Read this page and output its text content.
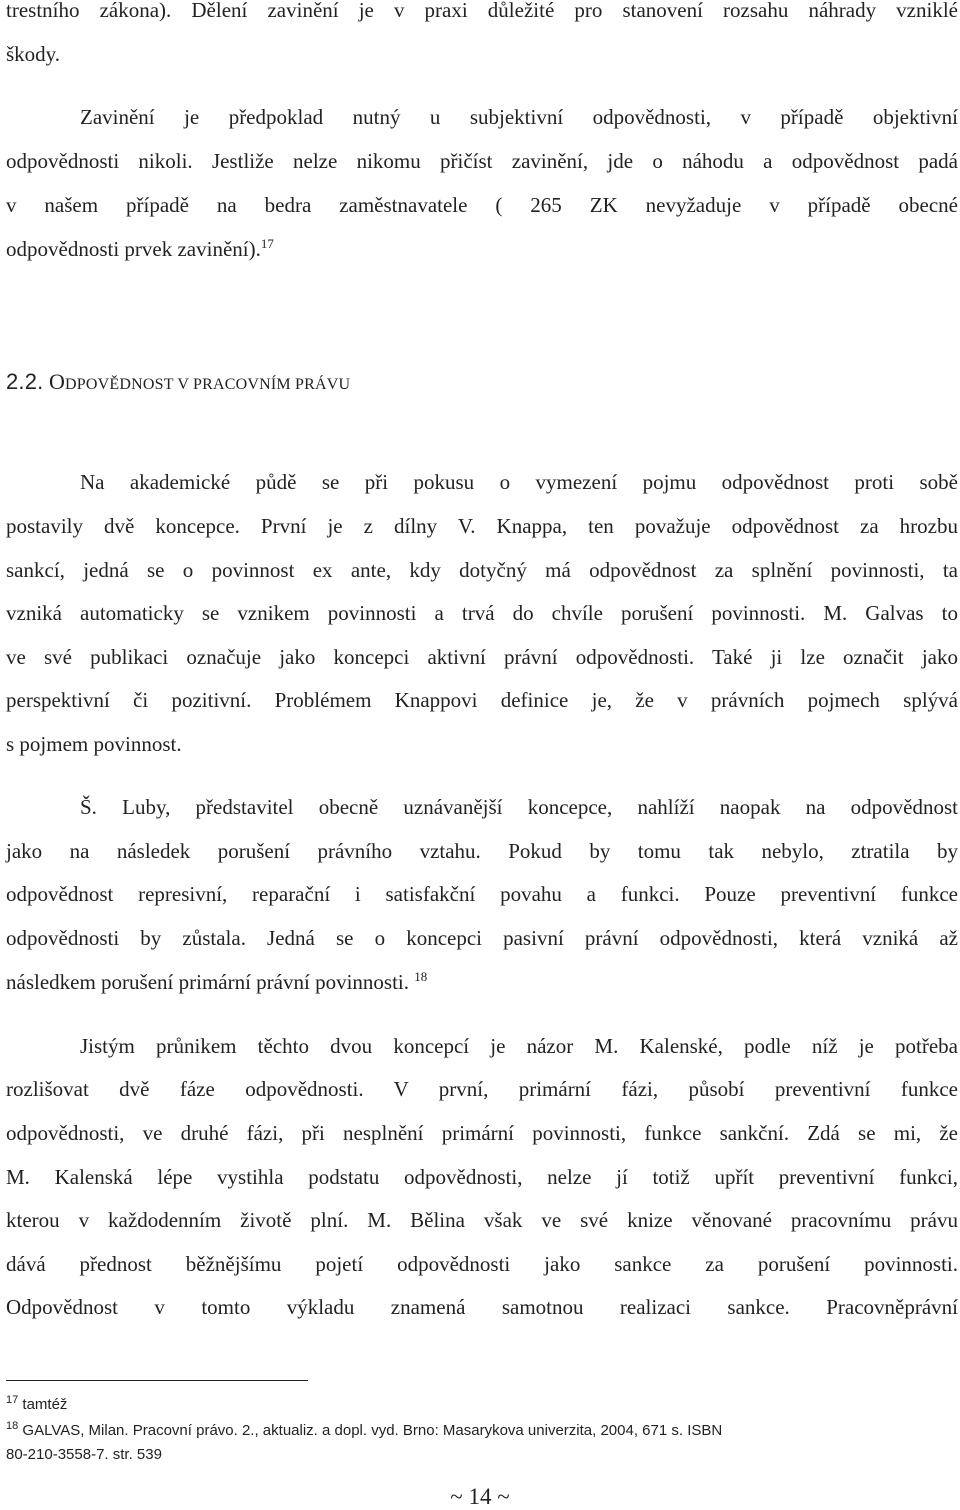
trestního zákona). Dělení zavinění je v praxi důležité pro stanovení rozsahu náhrady vzniklé
škody.
Zavinění je předpoklad nutný u subjektivní odpovědnosti, v případě objektivní
odpovědnosti nikoli. Jestliže nelze nikomu přičíst zavinění, jde o náhodu a odpovědnost padá
v našem případě na bedra zaměstnavatele ( 265 ZK nevyžaduje v případě obecné
odpovědnosti prvek zavinění).$^{17}$
2.2. ODPOVĚDNOST V PRACOVNÍM PRÁVU
Na akademické půdě se při pokusu o vymezení pojmu odpovědnost proti sobě
postavily dvě koncepce. První je z dílny V. Knappa, ten považuje odpovědnost za hrozbu
sankcí, jedná se o povinnost ex ante, kdy dotyčný má odpovědnost za splnění povinnosti, ta
vzniká automaticky se vznikem povinnosti a trvá do chvíle porušení povinnosti. M. Galvas to
ve své publikaci označuje jako koncepci aktivní právní odpovědnosti. Také ji lze označit jako
perspektivní či pozitivní. Problémem Knappovi definice je, že v právních pojmech splývá
s pojmem povinnost.
Š. Luby, představitel obecně uznávanější koncepce, nahlíží naopak na odpovědnost
jako na následek porušení právního vztahu. Pokud by tomu tak nebylo, ztratila by
odpovědnost represivní, reparační i satisfakční povahu a funkci. Pouze preventivní funkce
odpovědnosti by zůstala. Jedná se o koncepci pasivní právní odpovědnosti, která vzniká až
následkem porušení primární právní povinnosti. $^{18}$
Jistým průnikem těchto dvou koncepcí je názor M. Kalenské, podle níž je potřeba
rozlišovat dvě fáze odpovědnosti. V první, primární fázi, působí preventivní funkce
odpovědnosti, ve druhé fázi, při nesplnění primární povinnosti, funkce sankční. Zdá se mi, že
M. Kalenská lépe vystihla podstatu odpovědnosti, nelze jí totiž upřít preventivní funkci,
kterou v každodenním životě plní. M. Bělina však ve své knize věnované pracovnímu právu
dává přednost běžnějšímu pojetí odpovědnosti jako sankce za porušení povinnosti.
Odpovědnost v tomto výkladu znamená samotnou realizaci sankce. Pracovněprávní
$^{17}$ tamtéž
$^{18}$ GALVAS, Milan. Pracovní právo. 2., aktualiz. a dopl. vyd. Brno: Masarykova univerzita, 2004, 671 s. ISBN
80-210-3558-7. str. 539
~ 14 ~
